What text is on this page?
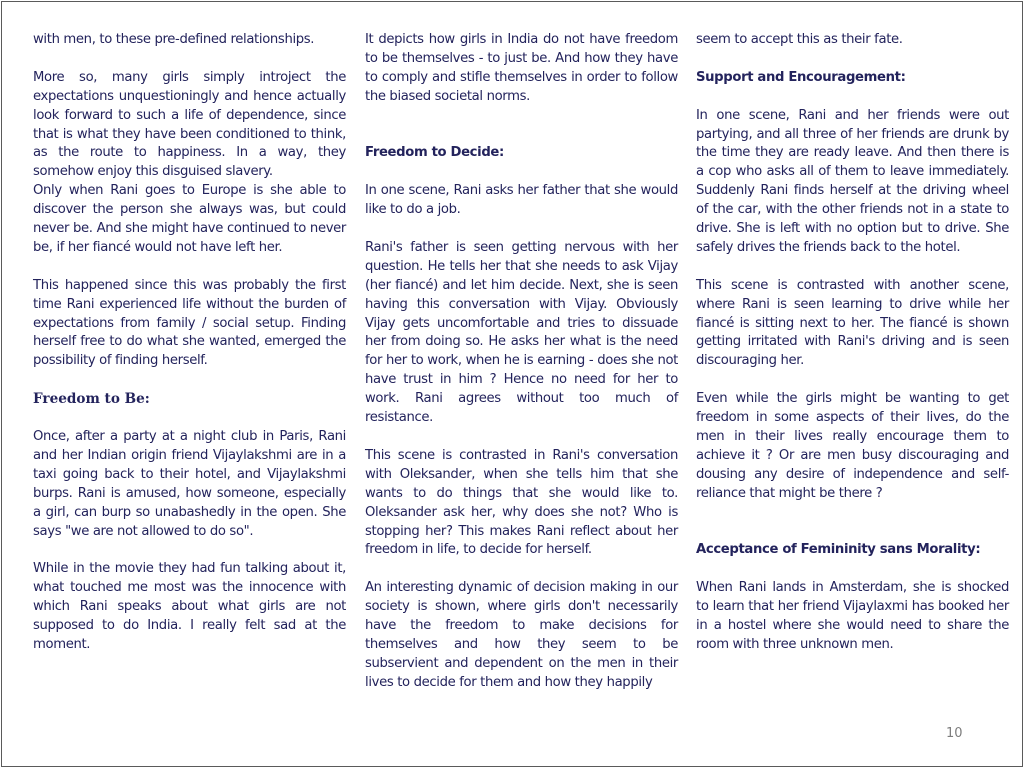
with men, to these pre-defined relationships.

More so, many girls simply introject the expectations unquestioningly and hence actually look forward to such a life of dependence, since that is what they have been conditioned to think, as the route to happiness. In a way, they somehow enjoy this disguised slavery.

Only when Rani goes to Europe is she able to discover the person she always was, but could never be. And she might have continued to never be, if her fiancé would not have left her.

This happened since this was probably the first time Rani experienced life without the burden of expectations from family / social setup. Finding herself free to do what she wanted, emerged the possibility of finding herself.

Freedom to Be:

Once, after a party at a night club in Paris, Rani and her Indian origin friend Vijaylakshmi are in a taxi going back to their hotel, and Vijaylakshmi burps. Rani is amused, how someone, especially a girl, can burp so unabashedly in the open. She says "we are not allowed to do so".

While in the movie they had fun talking about it, what touched me most was the innocence with which Rani speaks about what girls are not supposed to do India. I really felt sad at the moment.

It depicts how girls in India do not have freedom to be themselves - to just be. And how they have to comply and stifle themselves in order to follow the biased societal norms.

Freedom to Decide:

In one scene, Rani asks her father that she would like to do a job.

Rani's father is seen getting nervous with her question. He tells her that she needs to ask Vijay (her fiancé) and let him decide. Next, she is seen having this conversation with Vijay. Obviously Vijay gets uncomfortable and tries to dissuade her from doing so. He asks her what is the need for her to work, when he is earning - does she not have trust in him ? Hence no need for her to work. Rani agrees without too much of resistance.

This scene is contrasted in Rani's conversation with Oleksander, when she tells him that she wants to do things that she would like to. Oleksander ask her, why does she not? Who is stopping her? This makes Rani reflect about her freedom in life, to decide for herself.

An interesting dynamic of decision making in our society is shown, where girls don't necessarily have the freedom to make decisions for themselves and how they seem to be subservient and dependent on the men in their lives to decide for them and how they happily

seem to accept this as their fate.

Support and Encouragement:

In one scene, Rani and her friends were out partying, and all three of her friends are drunk by the time they are ready leave. And then there is a cop who asks all of them to leave immediately. Suddenly Rani finds herself at the driving wheel of the car, with the other friends not in a state to drive. She is left with no option but to drive. She safely drives the friends back to the hotel.

This scene is contrasted with another scene, where Rani is seen learning to drive while her fiancé is sitting next to her. The fiancé is shown getting irritated with Rani's driving and is seen discouraging her.

Even while the girls might be wanting to get freedom in some aspects of their lives, do the men in their lives really encourage them to achieve it ? Or are men busy discouraging and dousing any desire of independence and self-reliance that might be there ?

Acceptance of Femininity sans Morality:

When Rani lands in Amsterdam, she is shocked to learn that her friend Vijaylaxmi has booked her in a hostel where she would need to share the room with three unknown men.

10
